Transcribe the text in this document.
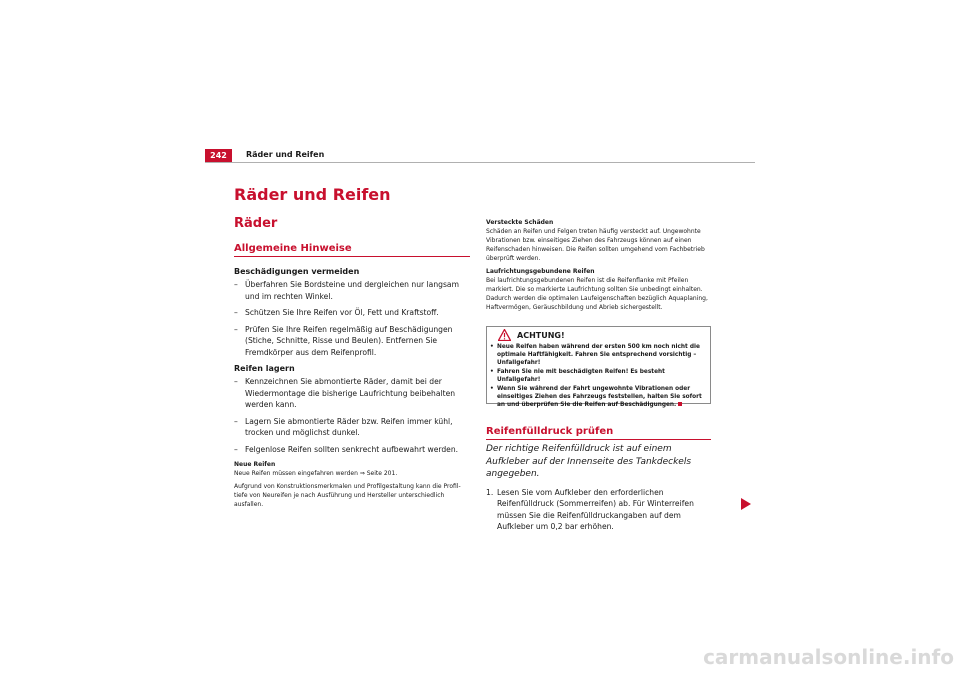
242	Räder und Reifen
Räder und Reifen
Räder
Allgemeine Hinweise

Beschädigungen vermeiden

– Überfahren Sie Bordsteine und dergleichen nur langsam und im rechten Winkel.
– Schützen Sie Ihre Reifen vor Öl, Fett und Kraftstoff.
– Prüfen Sie Ihre Reifen regelmäßig auf Beschädigungen (Stiche, Schnitte, Risse und Beulen). Entfernen Sie Fremdkörper aus dem Reifenprofil.

Reifen lagern

– Kennzeichnen Sie abmontierte Räder, damit bei der Wiedermontage die bisherige Laufrichtung beibehalten werden kann.
– Lagern Sie abmontierte Räder bzw. Reifen immer kühl, trocken und möglichst dunkel.
– Felgenlose Reifen sollten senkrecht aufbewahrt werden.

Neue Reifen

Neue Reifen müssen eingefahren werden ⇒ Seite 201.

Aufgrund von Konstruktionsmerkmalen und Profilgestaltung kann die Profiltiefe von Neureifen je nach Ausführung und Hersteller unterschiedlich ausfallen.

Versteckte Schäden

Schäden an Reifen und Felgen treten häufig versteckt auf. Ungewohnte Vibrationen bzw. einseitiges Ziehen des Fahrzeugs können auf einen Reifenschaden hinweisen. Die Reifen sollten umgehend vom Fachbetrieb überprüft werden.

Laufrichtungsgebundene Reifen

Bei laufrichtungsgebundenen Reifen ist die Reifenflanke mit Pfeilen markiert. Die so markierte Laufrichtung sollten Sie unbedingt einhalten. Dadurch werden die optimalen Laufeigenschaften bezüglich Aquaplaning, Haftvermögen, Geräuschbildung und Abrieb sichergestellt.

ACHTUNG!
• Neue Reifen haben während der ersten 500 km noch nicht die optimale Haftfähigkeit. Fahren Sie entsprechend vorsichtig – Unfallgefahr!
• Fahren Sie nie mit beschädigten Reifen! Es besteht Unfallgefahr!
• Wenn Sie während der Fahrt ungewohnte Vibrationen oder einseitiges Ziehen des Fahrzeugs feststellen, halten Sie sofort an und überprüfen Sie die Reifen auf Beschädigungen.
Reifenfülldruck prüfen

Der richtige Reifenfülldruck ist auf einem Aufkleber auf der Innenseite des Tankdeckels angegeben.

1. Lesen Sie vom Aufkleber den erforderlichen Reifenfülldruck (Sommerreifen) ab. Für Winterreifen müssen Sie die Reifenfülldruckangaben auf dem Aufkleber um 0,2 bar erhöhen.
carmanualsonline.info
